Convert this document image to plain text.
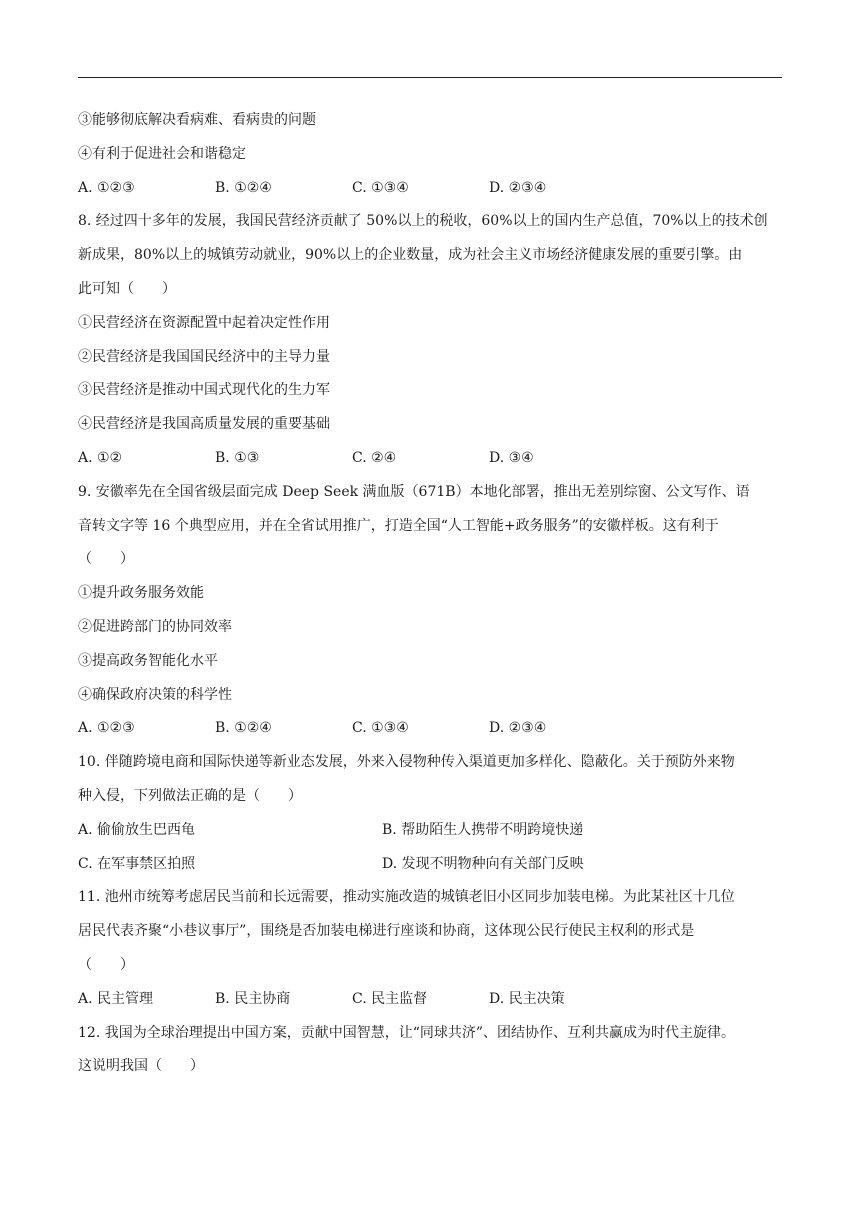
③能够彻底解决看病难、看病贵的问题
④有利于促进社会和谐稳定
A. ①②③	B. ①②④	C. ①③④	D. ②③④
8. 经过四十多年的发展，我国民营经济贡献了 50%以上的税收，60%以上的国内生产总值，70%以上的技术创
新成果，80%以上的城镇劳动就业，90%以上的企业数量，成为社会主义市场经济健康发展的重要引擎。由
此可知（　　）
①民营经济在资源配置中起着决定性作用
②民营经济是我国国民经济中的主导力量
③民营经济是推动中国式现代化的生力军
④民营经济是我国高质量发展的重要基础
A. ①②	B. ①③	C. ②④	D. ③④
9. 安徽率先在全国省级层面完成 Deep Seek 满血版（671B）本地化部署，推出无差别综窗、公文写作、语
音转文字等 16 个典型应用，并在全省试用推广，打造全国“人工智能+政务服务”的安徽样板。这有利于
（　　）
①提升政务服务效能
②促进跨部门的协同效率
③提高政务智能化水平
④确保政府决策的科学性
A. ①②③	B. ①②④	C. ①③④	D. ②③④
10. 伴随跨境电商和国际快递等新业态发展，外来入侵物种传入渠道更加多样化、隐蔽化。关于预防外来物
种入侵，下列做法正确的是（　　）
A. 偷偷放生巴西龟	B. 帮助陌生人携带不明跨境快递
C. 在军事禁区拍照	D. 发现不明物种向有关部门反映
11. 池州市统筹考虑居民当前和长远需要，推动实施改造的城镇老旧小区同步加装电梯。为此某社区十几位
居民代表齐聚“小巷议事厅”，围绕是否加装电梯进行座谈和协商，这体现公民行使民主权利的形式是
（　　）
A. 民主管理	B. 民主协商	C. 民主监督	D. 民主决策
12. 我国为全球治理提出中国方案，贡献中国智慧，让“同球共济”、团结协作、互利共赢成为时代主旋律。
这说明我国（　　）
